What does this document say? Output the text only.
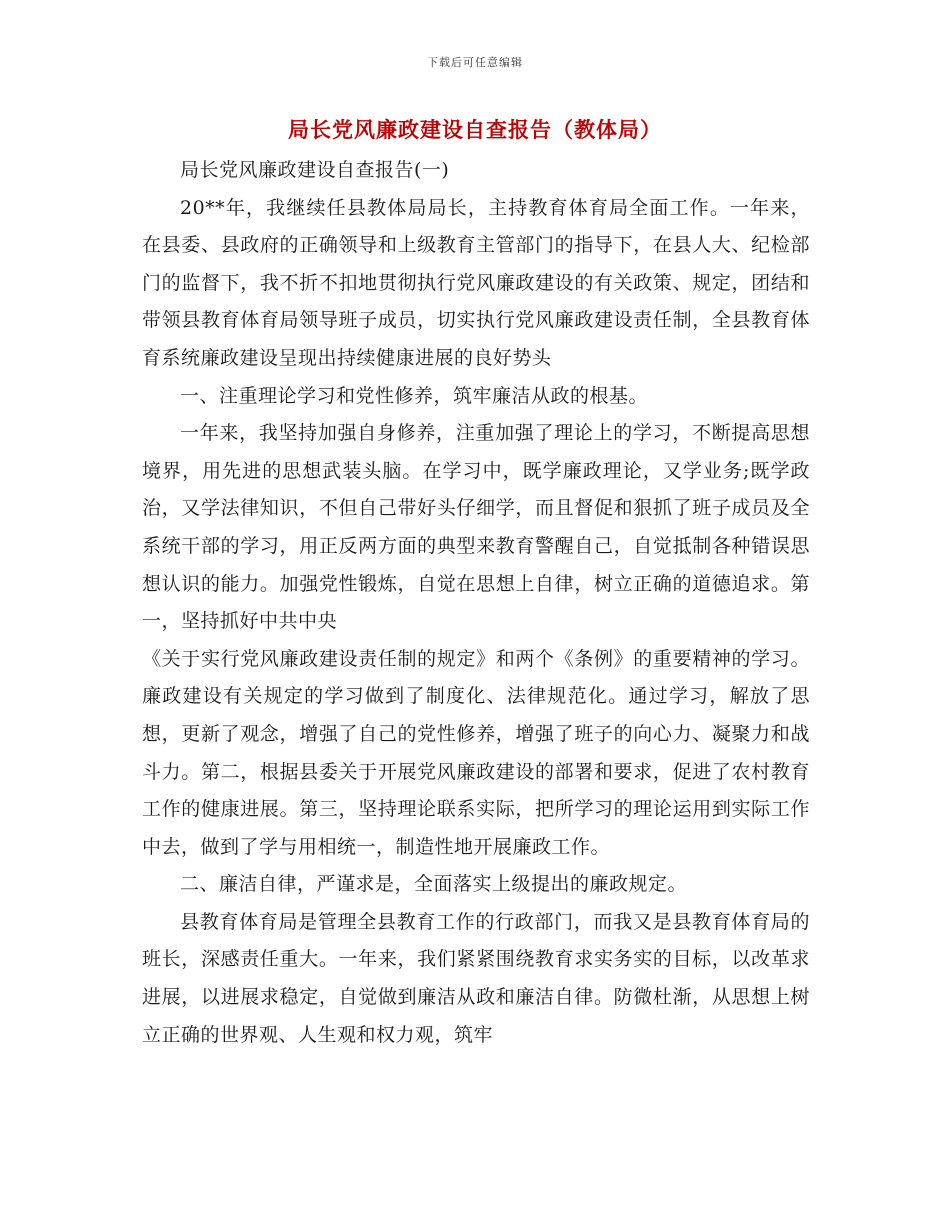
下载后可任意编辑
局长党风廉政建设自查报告（教体局）

局长党风廉政建设自查报告(一)

20**年，我继续任县教体局局长，主持教育体育局全面工作。一年来，在县委、县政府的正确领导和上级教育主管部门的指导下，在县人大、纪检部门的监督下，我不折不扣地贯彻执行党风廉政建设的有关政策、规定，团结和带领县教育体育局领导班子成员，切实执行党风廉政建设责任制，全县教育体育系统廉政建设呈现出持续健康进展的良好势头

一、注重理论学习和党性修养，筑牢廉洁从政的根基。

一年来，我坚持加强自身修养，注重加强了理论上的学习，不断提高思想境界，用先进的思想武装头脑。在学习中，既学廉政理论，又学业务;既学政治，又学法律知识，不但自己带好头仔细学，而且督促和狠抓了班子成员及全系统干部的学习，用正反两方面的典型来教育警醒自己，自觉抵制各种错误思想认识的能力。加强党性锻炼，自觉在思想上自律，树立正确的道德追求。第一，坚持抓好中共中央

《关于实行党风廉政建设责任制的规定》和两个《条例》的重要精神的学习。廉政建设有关规定的学习做到了制度化、法律规范化。通过学习，解放了思想，更新了观念，增强了自己的党性修养，增强了班子的向心力、凝聚力和战斗力。第二，根据县委关于开展党风廉政建设的部署和要求，促进了农村教育工作的健康进展。第三，坚持理论联系实际，把所学习的理论运用到实际工作中去，做到了学与用相统一，制造性地开展廉政工作。

二、廉洁自律，严谨求是，全面落实上级提出的廉政规定。

县教育体育局是管理全县教育工作的行政部门，而我又是县教育体育局的班长，深感责任重大。一年来，我们紧紧围绕教育求实务实的目标，以改革求进展，以进展求稳定，自觉做到廉洁从政和廉洁自律。防微杜渐，从思想上树立正确的世界观、人生观和权力观，筑牢
